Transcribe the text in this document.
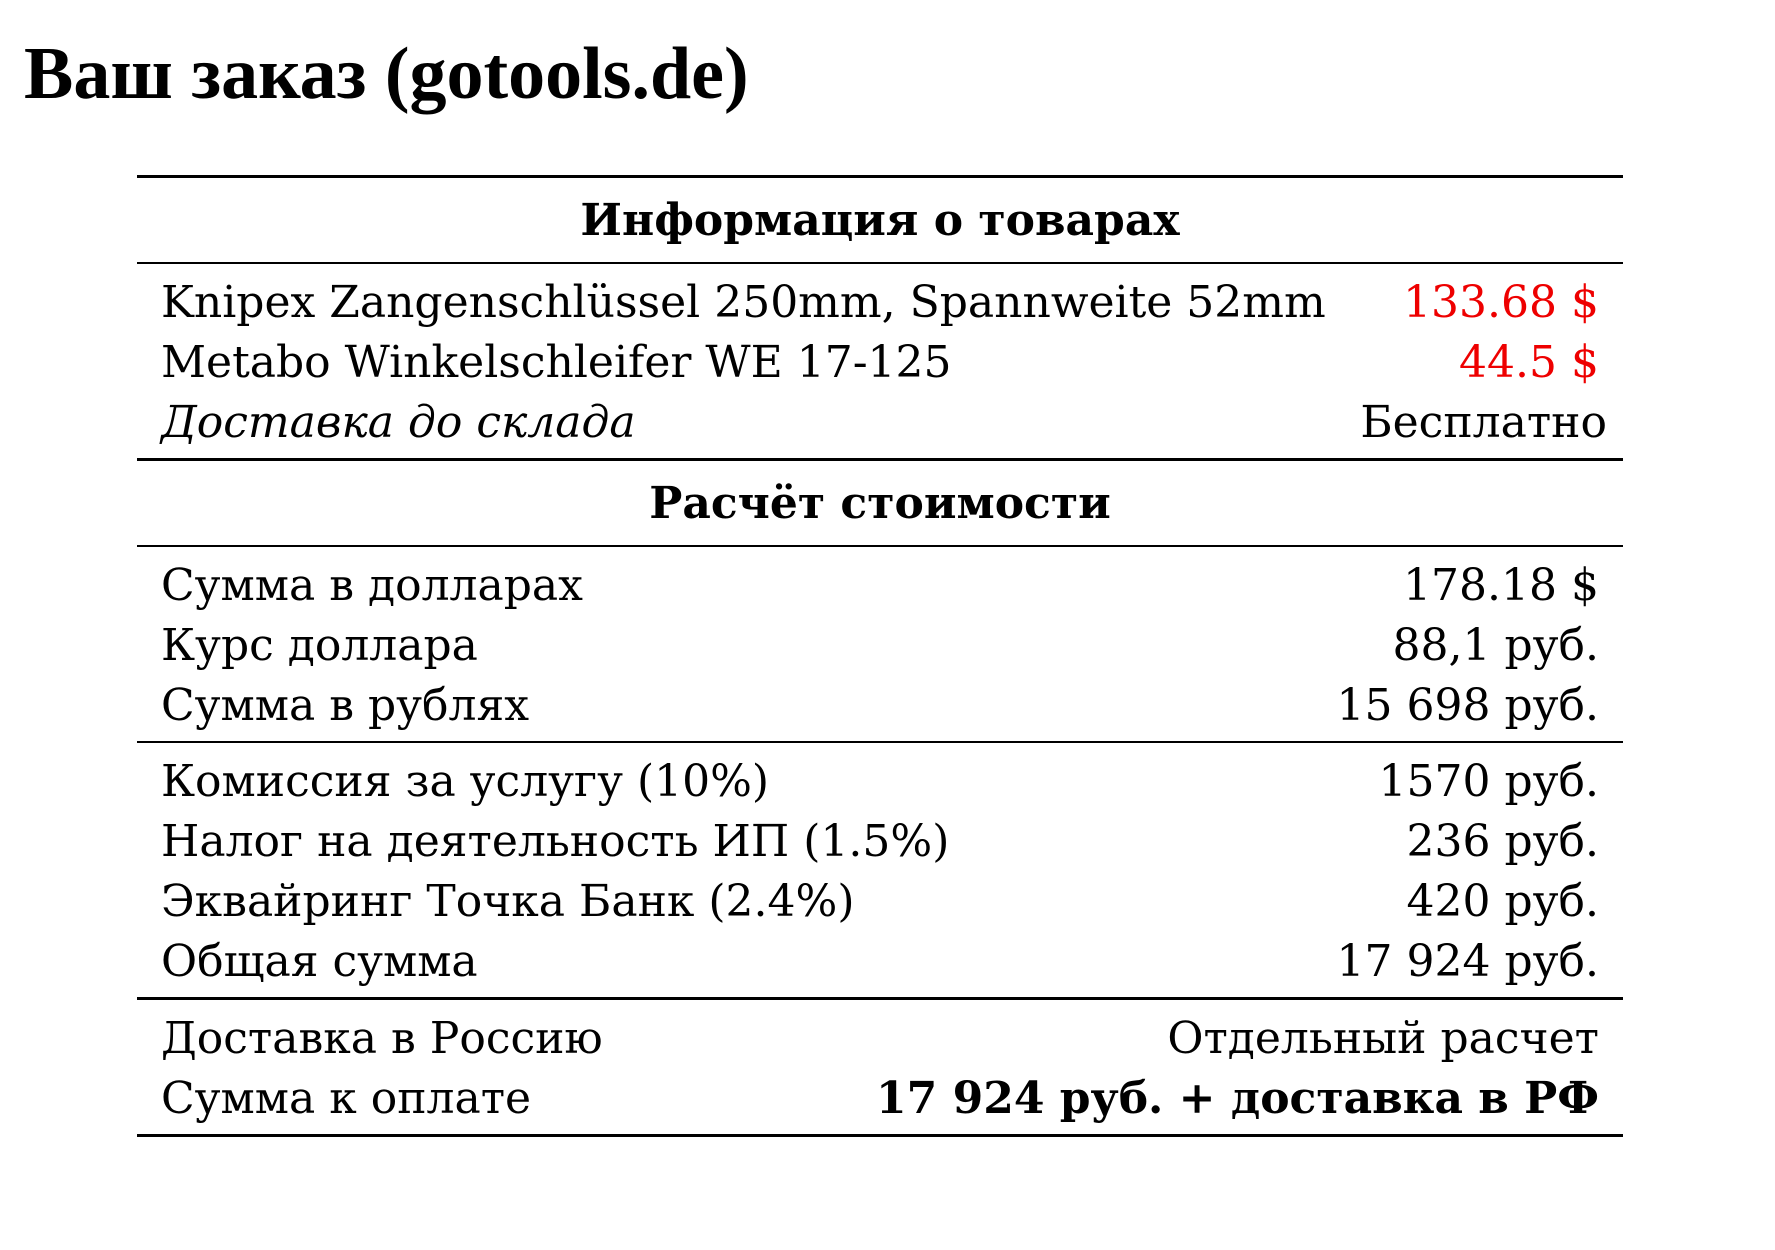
Ваш заказ (gotools.de)
Информация о товарах
Knipex Zangenschlüssel 250mm, Spannweite 52mm 133.68 $
Metabo Winkelschleifer WE 17-125	44.5 $
Доставка до склада	Бесплатно
Расчёт стоимости
Сумма в долларах	178.18 $
Курс доллара	88,1 руб.
Сумма в рублях	15 698 руб.
Комиссия за услугу (10%)	1570 руб.
Налог на деятельность ИП (1.5%)	236 руб.
Эквайринг Точка Банк (2.4%)	420 руб.
Общая сумма	17 924 руб.
Доставка в Россию	Отдельный расчет
Сумма к оплате	17 924 руб. + доставка в РФ
